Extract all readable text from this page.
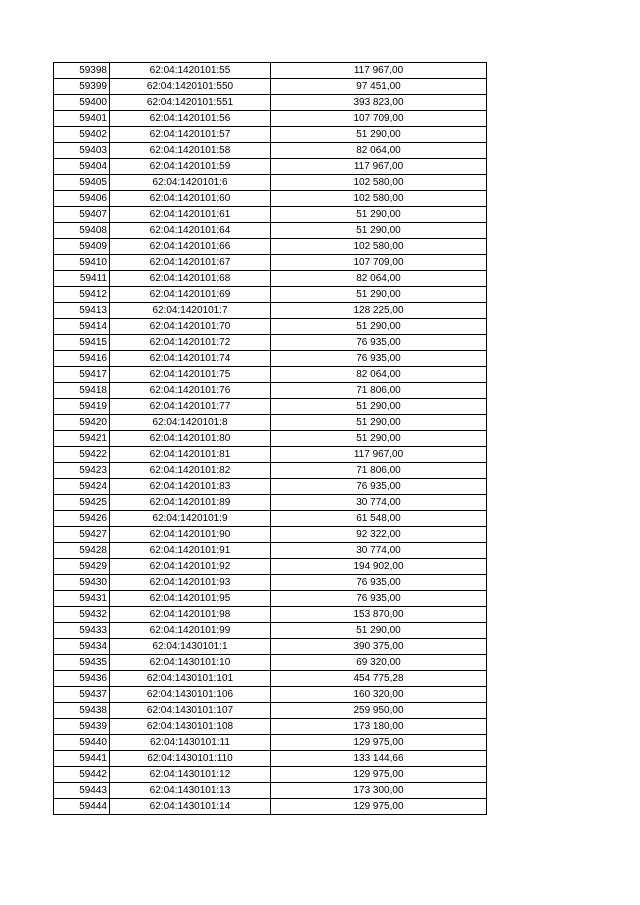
59398	62:04:1420101:55	117 967,00
59399	62:04:1420101:550	97 451,00
59400	62:04:1420101:551	393 823,00
59401	62:04:1420101:56	107 709,00
59402	62:04:1420101:57	51 290,00
59403	62:04:1420101:58	82 064,00
59404	62:04:1420101:59	117 967,00
59405	62:04:1420101:6	102 580,00
59406	62:04:1420101:60	102 580,00
59407	62:04:1420101:61	51 290,00
59408	62:04:1420101:64	51 290,00
59409	62:04:1420101:66	102 580,00
59410	62:04:1420101:67	107 709,00
59411	62:04:1420101:68	82 064,00
59412	62:04:1420101:69	51 290,00
59413	62:04:1420101:7	128 225,00
59414	62:04:1420101:70	51 290,00
59415	62:04:1420101:72	76 935,00
59416	62:04:1420101:74	76 935,00
59417	62:04:1420101:75	82 064,00
59418	62:04:1420101:76	71 806,00
59419	62:04:1420101:77	51 290,00
59420	62:04:1420101:8	51 290,00
59421	62:04:1420101:80	51 290,00
59422	62:04:1420101:81	117 967,00
59423	62:04:1420101:82	71 806,00
59424	62:04:1420101:83	76 935,00
59425	62:04:1420101:89	30 774,00
59426	62:04:1420101:9	61 548,00
59427	62:04:1420101:90	92 322,00
59428	62:04:1420101:91	30 774,00
59429	62:04:1420101:92	194 902,00
59430	62:04:1420101:93	76 935,00
59431	62:04:1420101:95	76 935,00
59432	62:04:1420101:98	153 870,00
59433	62:04:1420101:99	51 290,00
59434	62:04:1430101:1	390 375,00
59435	62:04:1430101:10	69 320,00
59436	62:04:1430101:101	454 775,28
59437	62:04:1430101:106	160 320,00
59438	62:04:1430101:107	259 950,00
59439	62:04:1430101:108	173 180,00
59440	62:04:1430101:11	129 975,00
59441	62:04:1430101:110	133 144,66
59442	62:04:1430101:12	129 975,00
59443	62:04:1430101:13	173 300,00
59444	62:04:1430101:14	129 975,00
